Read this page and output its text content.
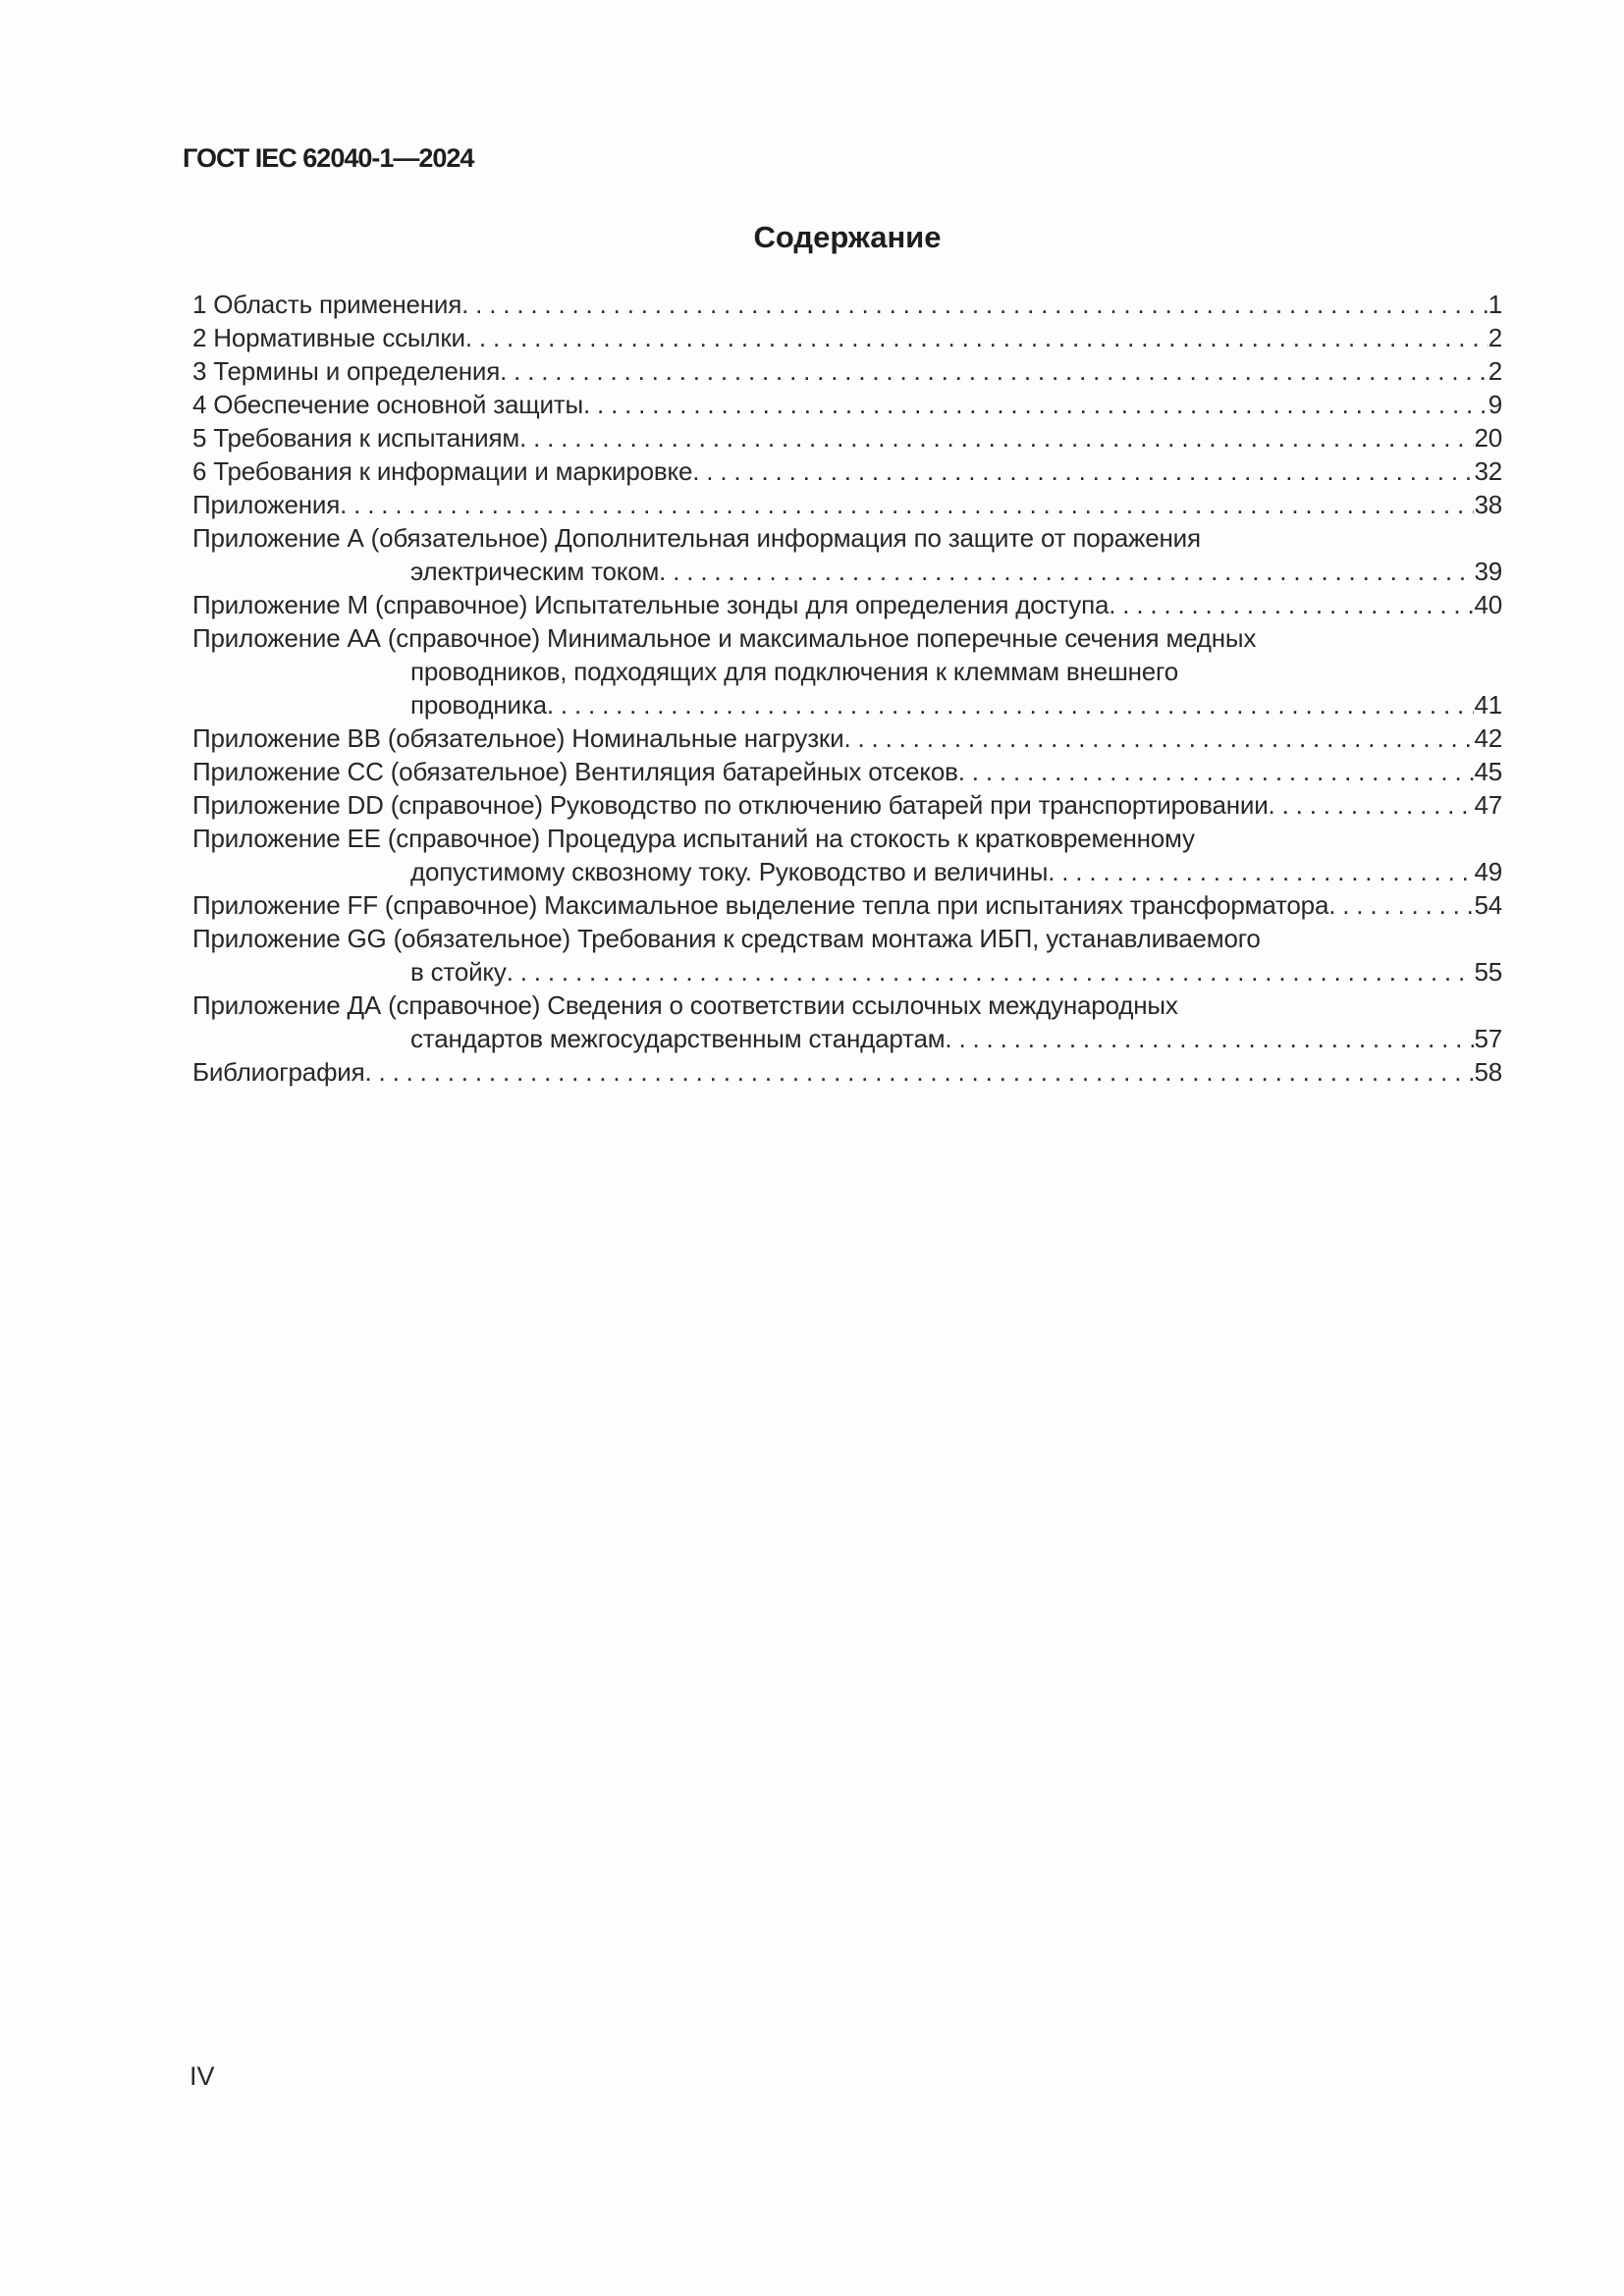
ГОСТ IEC 62040-1—2024
Содержание
1 Область применения . . .	1
2 Нормативные ссылки . . .	2
3 Термины и определения . . .	2
4 Обеспечение основной защиты . . .	9
5 Требования к испытаниям . . .	20
6 Требования к информации и маркировке . . .	32
Приложения . . .	38
Приложение А (обязательное) Дополнительная информация по защите от поражения
электрическим током . . .	39
Приложение М (справочное) Испытательные зонды для определения доступа . . .	40
Приложение АА (справочное) Минимальное и максимальное поперечные сечения медных
проводников, подходящих для подключения к клеммам внешнего
проводника . . .	41
Приложение ВВ (обязательное) Номинальные нагрузки . . .	42
Приложение СС (обязательное) Вентиляция батарейных отсеков . . .	45
Приложение DD (справочное) Руководство по отключению батарей при транспортировании . . .	47
Приложение ЕЕ (справочное) Процедура испытаний на стокость к кратковременному
допустимому сквозному току. Руководство и величины . . .	49
Приложение FF (справочное) Максимальное выделение тепла при испытаниях трансформатора . . .	54
Приложение GG (обязательное) Требования к средствам монтажа ИБП, устанавливаемого
в стойку . . .	55
Приложение ДА (справочное) Сведения о соответствии ссылочных международных
стандартов межгосударственным стандартам . . .	57
Библиография . . .	58
IV
